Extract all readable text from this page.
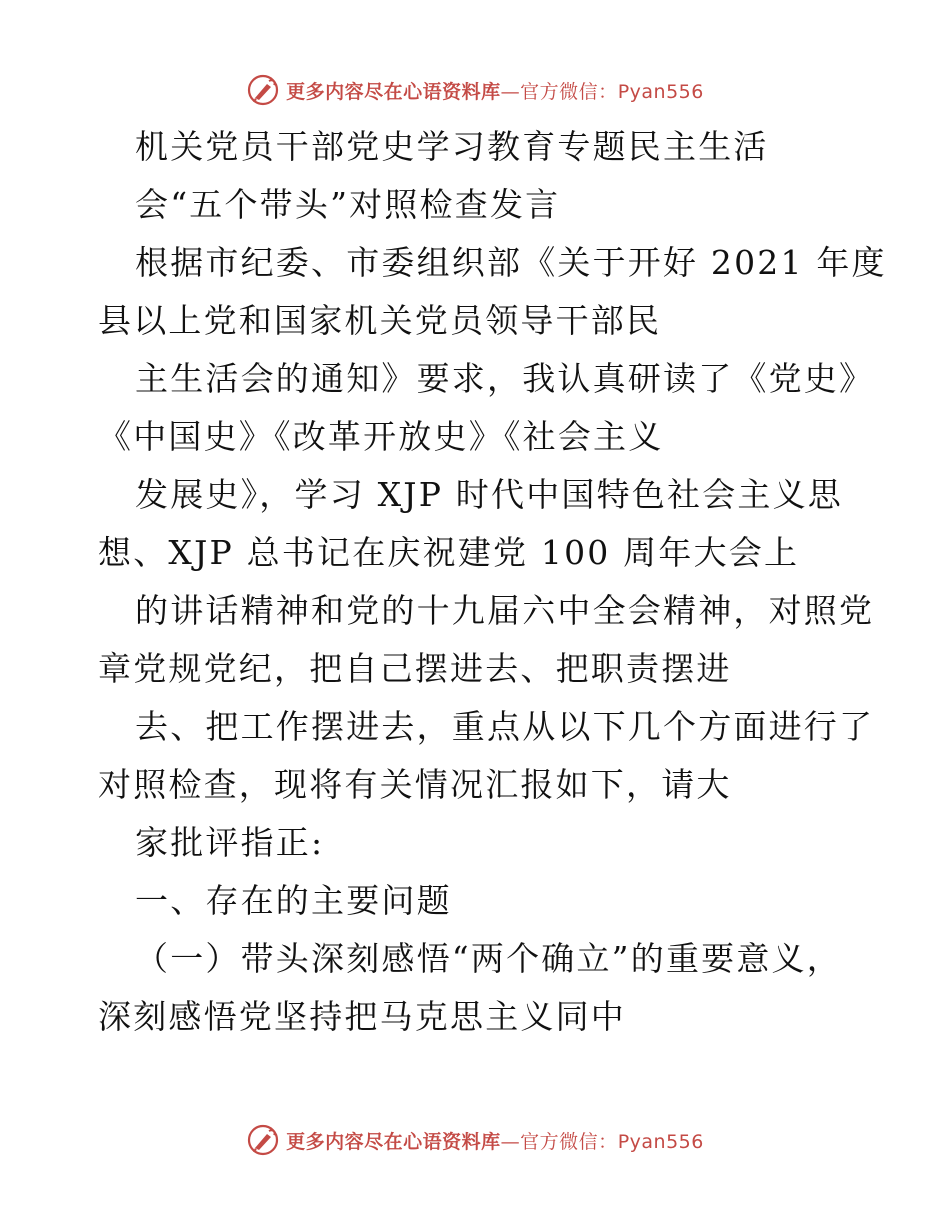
更多内容尽在心语资料库—官方微信：Pyan556
机关党员干部党史学习教育专题民主生活
会“五个带头”对照检查发言
根据市纪委、市委组织部《关于开好 2021 年度
县以上党和国家机关党员领导干部民
主生活会的通知》要求，我认真研读了《党史》
《中国史》《改革开放史》《社会主义
发展史》，学习 XJP 时代中国特色社会主义思
想、XJP 总书记在庆祝建党 100 周年大会上
的讲话精神和党的十九届六中全会精神，对照党
章党规党纪，把自己摆进去、把职责摆进
去、把工作摆进去，重点从以下几个方面进行了
对照检查，现将有关情况汇报如下，请大
家批评指正:
一、存在的主要问题
（一）带头深刻感悟“两个确立”的重要意义，
深刻感悟党坚持把马克思主义同中
更多内容尽在心语资料库—官方微信：Pyan556
